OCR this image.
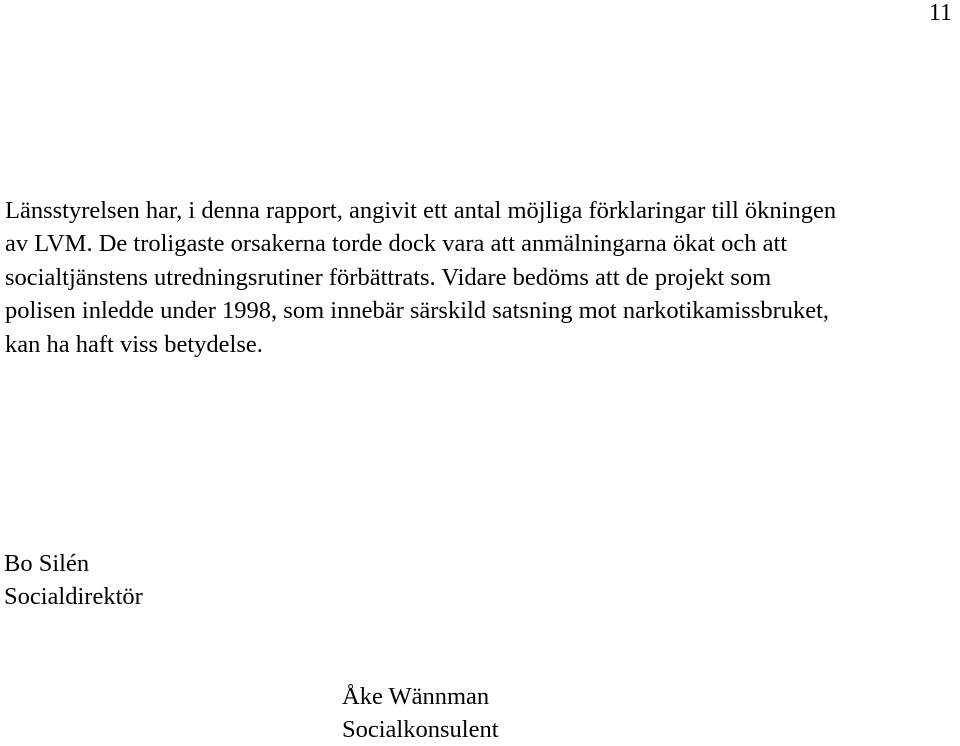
11
Länsstyrelsen har, i denna rapport, angivit ett antal möjliga förklaringar till ökningen
av LVM. De troligaste orsakerna torde dock vara att anmälningarna ökat och att
socialtjänstens utredningsrutiner förbättrats. Vidare bedöms att de projekt som
polisen inledde under 1998, som innebär särskild satsning mot narkotikamissbruket,
kan ha haft viss betydelse.
Bo Silén
Socialdirektör
Åke Wännman
Socialkonsulent
